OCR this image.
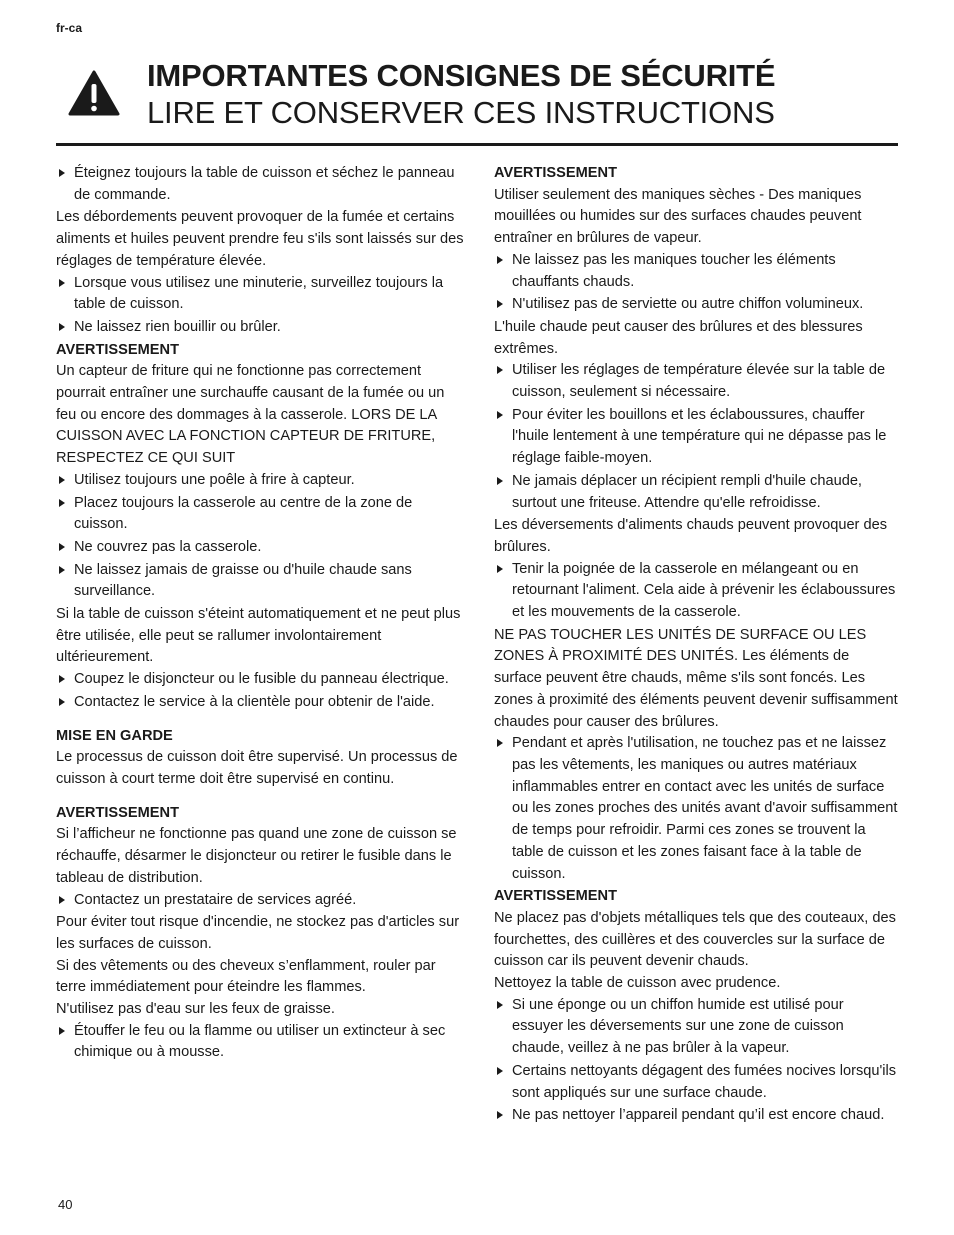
fr-ca
IMPORTANTES CONSIGNES DE SÉCURITÉ
LIRE ET CONSERVER CES INSTRUCTIONS

Éteignez toujours la table de cuisson et séchez le panneau de commande.

Les débordements peuvent provoquer de la fumée et certains aliments et huiles peuvent prendre feu s'ils sont laissés sur des réglages de température élevée.

Lorsque vous utilisez une minuterie, surveillez toujours la table de cuisson.

Ne laissez rien bouillir ou brûler.

AVERTISSEMENT

Un capteur de friture qui ne fonctionne pas correctement pourrait entraîner une surchauffe causant de la fumée ou un feu ou encore des dommages à la casserole. LORS DE LA CUISSON AVEC LA FONCTION CAPTEUR DE FRITURE, RESPECTEZ CE QUI SUIT

Utilisez toujours une poêle à frire à capteur.

Placez toujours la casserole au centre de la zone de cuisson.

Ne couvrez pas la casserole.

Ne laissez jamais de graisse ou d'huile chaude sans surveillance.

Si la table de cuisson s'éteint automatiquement et ne peut plus être utilisée, elle peut se rallumer involontairement ultérieurement.

Coupez le disjoncteur ou le fusible du panneau électrique.

Contactez le service à la clientèle pour obtenir de l'aide.

MISE EN GARDE

Le processus de cuisson doit être supervisé. Un processus de cuisson à court terme doit être supervisé en continu.

AVERTISSEMENT

Si l’afficheur ne fonctionne pas quand une zone de cuisson se réchauffe, désarmer le disjoncteur ou retirer le fusible dans le tableau de distribution.

Contactez un prestataire de services agréé.

Pour éviter tout risque d'incendie, ne stockez pas d'articles sur les surfaces de cuisson.

Si des vêtements ou des cheveux s’enflamment, rouler par terre immédiatement pour éteindre les flammes.

N'utilisez pas d'eau sur les feux de graisse.

Étouffer le feu ou la flamme ou utiliser un extincteur à sec chimique ou à mousse.

AVERTISSEMENT

Utiliser seulement des maniques sèches - Des maniques mouillées ou humides sur des surfaces chaudes peuvent entraîner en brûlures de vapeur.

Ne laissez pas les maniques toucher les éléments chauffants chauds.

N'utilisez pas de serviette ou autre chiffon volumineux.

L'huile chaude peut causer des brûlures et des blessures extrêmes.

Utiliser les réglages de température élevée sur la table de cuisson, seulement si nécessaire.

Pour éviter les bouillons et les éclaboussures, chauffer l'huile lentement à une température qui ne dépasse pas le réglage faible-moyen.

Ne jamais déplacer un récipient rempli d'huile chaude, surtout une friteuse. Attendre qu'elle refroidisse.

Les déversements d'aliments chauds peuvent provoquer des brûlures.

Tenir la poignée de la casserole en mélangeant ou en retournant l'aliment. Cela aide à prévenir les éclaboussures et les mouvements de la casserole.

NE PAS TOUCHER LES UNITÉS DE SURFACE OU LES ZONES À PROXIMITÉ DES UNITÉS. Les éléments de surface peuvent être chauds, même s'ils sont foncés. Les zones à proximité des éléments peuvent devenir suffisamment chaudes pour causer des brûlures.

Pendant et après l'utilisation, ne touchez pas et ne laissez pas les vêtements, les maniques ou autres matériaux inflammables entrer en contact avec les unités de surface ou les zones proches des unités avant d'avoir suffisamment de temps pour refroidir. Parmi ces zones se trouvent la table de cuisson et les zones faisant face à la table de cuisson.

AVERTISSEMENT

Ne placez pas d'objets métalliques tels que des couteaux, des fourchettes, des cuillères et des couvercles sur la surface de cuisson car ils peuvent devenir chauds.

Nettoyez la table de cuisson avec prudence.

Si une éponge ou un chiffon humide est utilisé pour essuyer les déversements sur une zone de cuisson chaude, veillez à ne pas brûler à la vapeur.

Certains nettoyants dégagent des fumées nocives lorsqu'ils sont appliqués sur une surface chaude.

Ne pas nettoyer l’appareil pendant qu’il est encore chaud.

40
